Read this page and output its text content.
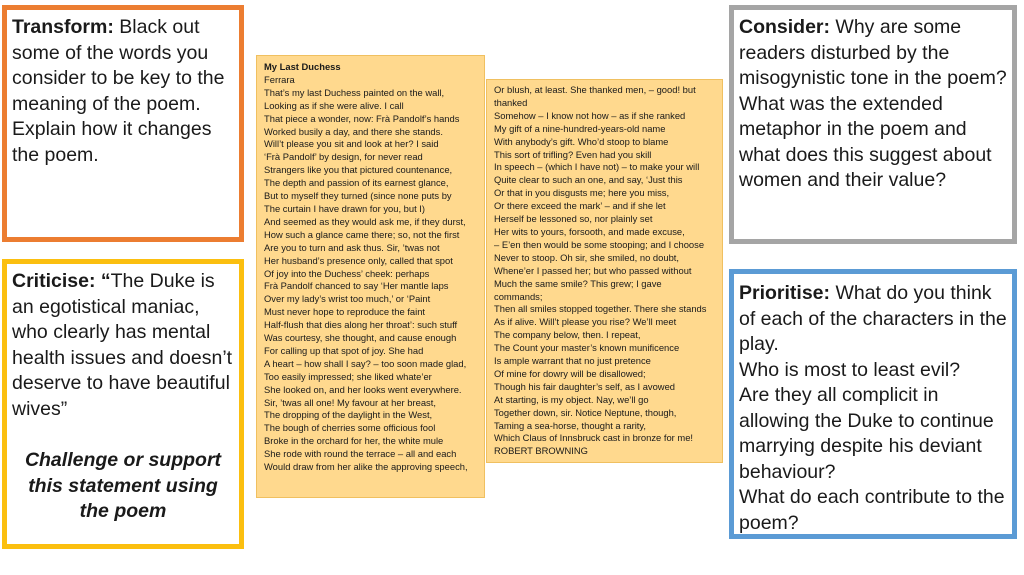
Transform: Black out some of the words you consider to be key to the meaning of the poem. Explain how it changes the poem.

Criticise: “The Duke is an egotistical maniac, who clearly has mental health issues and doesn’t deserve to have beautiful wives”

Challenge or support this statement using the poem

My Last Duchess
Ferrara
That’s my last Duchess painted on the wall,
Looking as if she were alive. I call
That piece a wonder, now: Frà Pandolf’s hands
Worked busily a day, and there she stands.
Will’t please you sit and look at her? I said
‘Frà Pandolf’ by design, for never read
Strangers like you that pictured countenance,
The depth and passion of its earnest glance,
But to myself they turned (since none puts by
The curtain I have drawn for you, but I)
And seemed as they would ask me, if they durst,
How such a glance came there; so, not the first
Are you to turn and ask thus. Sir, ’twas not
Her husband’s presence only, called that spot
Of joy into the Duchess’ cheek: perhaps
Frà Pandolf chanced to say ‘Her mantle laps
Over my lady’s wrist too much,’ or ‘Paint
Must never hope to reproduce the faint
Half-flush that dies along her throat’: such stuff
Was courtesy, she thought, and cause enough
For calling up that spot of joy. She had
A heart – how shall I say? – too soon made glad,
Too easily impressed; she liked whate’er
She looked on, and her looks went everywhere.
Sir, ’twas all one! My favour at her breast,
The dropping of the daylight in the West,
The bough of cherries some officious fool
Broke in the orchard for her, the white mule
She rode with round the terrace – all and each
Would draw from her alike the approving speech,
Or blush, at least. She thanked men, – good! but
thanked
Somehow – I know not how – as if she ranked
My gift of a nine-hundred-years-old name
With anybody’s gift. Who’d stoop to blame
This sort of trifling? Even had you skill
In speech – (which I have not) – to make your will
Quite clear to such an one, and say, ‘Just this
Or that in you disgusts me; here you miss,
Or there exceed the mark’ – and if she let
Herself be lessoned so, nor plainly set
Her wits to yours, forsooth, and made excuse,
– E’en then would be some stooping; and I choose
Never to stoop. Oh sir, she smiled, no doubt,
Whene’er I passed her; but who passed without
Much the same smile? This grew; I gave
commands;
Then all smiles stopped together. There she stands
As if alive. Will’t please you rise? We’ll meet
The company below, then. I repeat,
The Count your master’s known munificence
Is ample warrant that no just pretence
Of mine for dowry will be disallowed;
Though his fair daughter’s self, as I avowed
At starting, is my object. Nay, we’ll go
Together down, sir. Notice Neptune, though,
Taming a sea-horse, thought a rarity,
Which Claus of Innsbruck cast in bronze for me!
ROBERT BROWNING

Consider: Why are some readers disturbed by the misogynistic tone in the poem?

What was the extended metaphor in the poem and what does this suggest about women and their value?

Prioritise: What do you think of each of the characters in the play.

Who is most to least evil?

Are they all complicit in allowing the Duke to continue marrying despite his deviant behaviour?

What do each contribute to the poem?
